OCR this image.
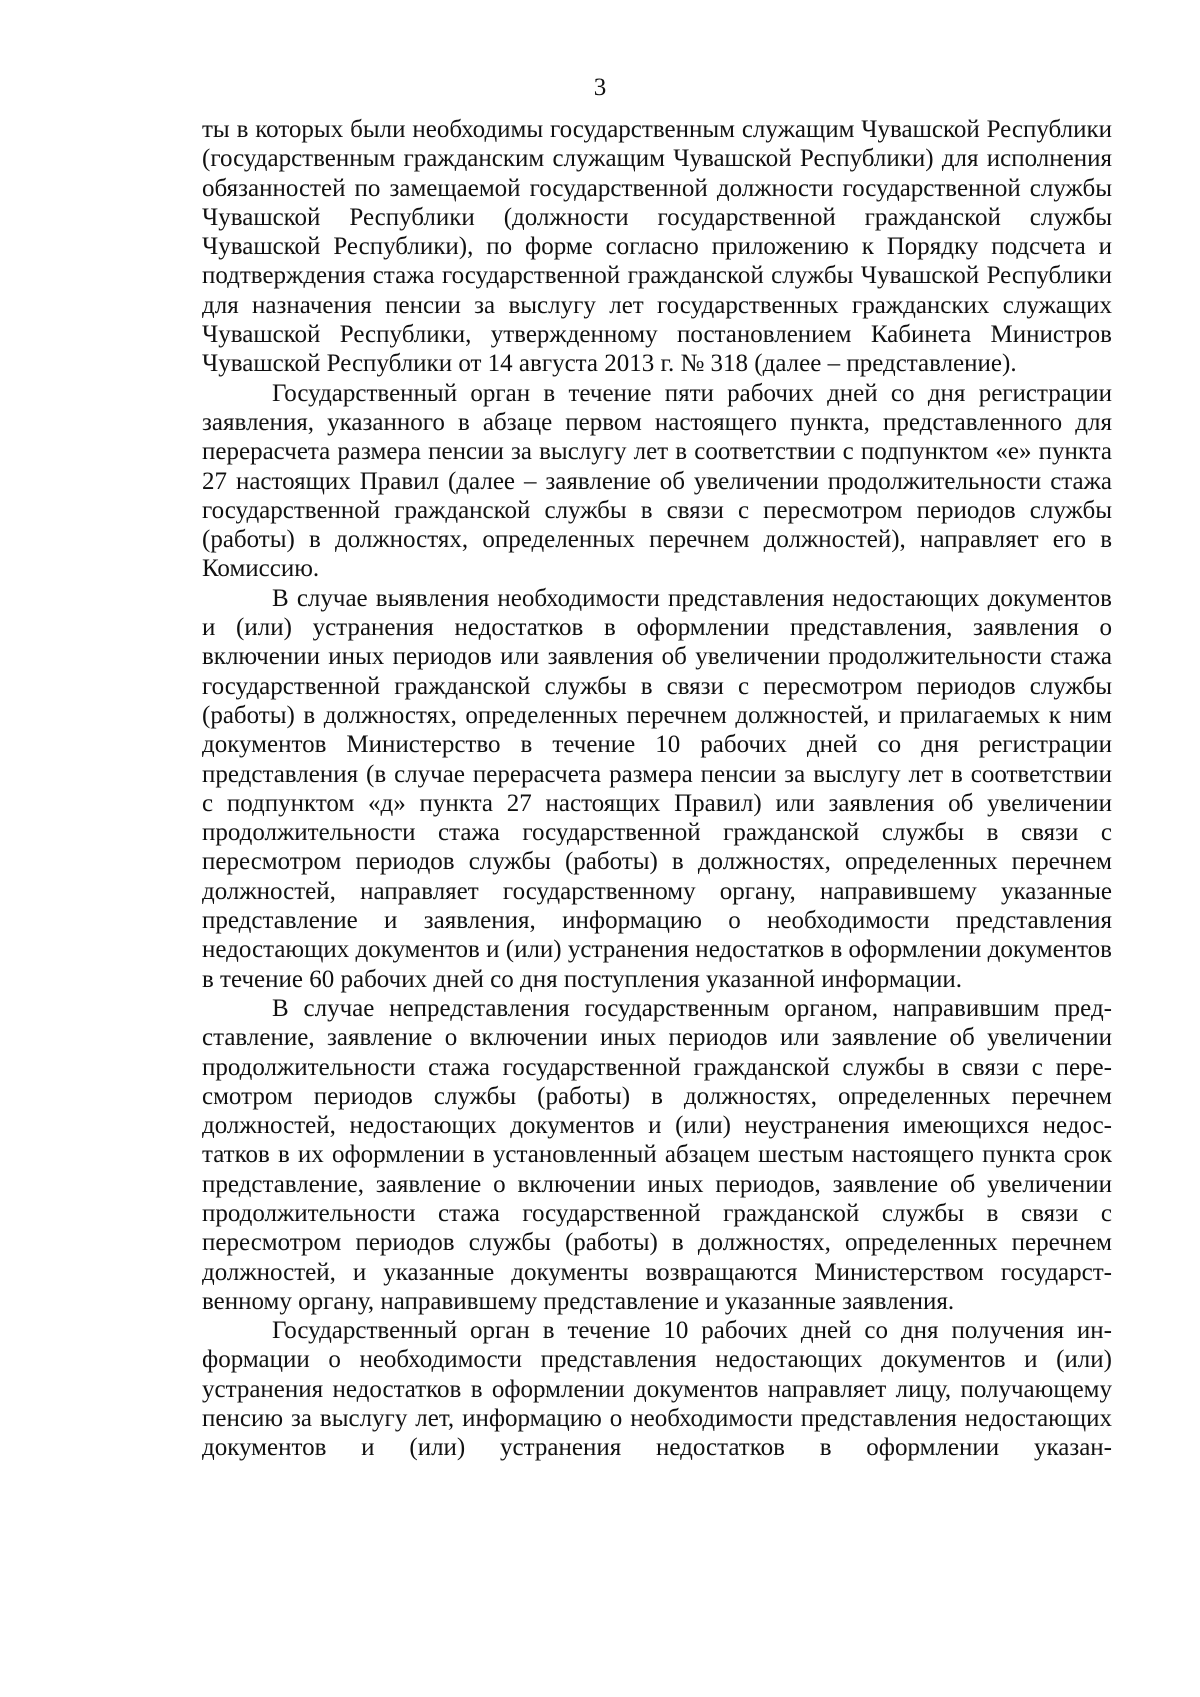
3

ты в которых были необходимы государственным служащим Чувашской Республики (государственным гражданским служащим Чувашской Республики) для исполнения обязанностей по замещаемой государственной должности государственной службы Чувашской Республики (должности государственной гражданской службы Чувашской Республики), по форме согласно приложению к Порядку подсчета и подтверждения стажа государственной гражданской службы Чувашской Республики для назначения пенсии за выслугу лет государственных гражданских служащих Чувашской Республики, утвержденному постановлением Кабинета Министров Чувашской Республики от 14 августа 2013 г. № 318 (далее – представление).

Государственный орган в течение пяти рабочих дней со дня регистрации заявления, указанного в абзаце первом настоящего пункта, представленного для перерасчета размера пенсии за выслугу лет в соответствии с подпунктом «е» пункта 27 настоящих Правил (далее – заявление об увеличении продолжительности стажа государственной гражданской службы в связи с пересмотром периодов службы (работы) в должностях, определенных перечнем должностей), направляет его в Комиссию.

В случае выявления необходимости представления недостающих документов и (или) устранения недостатков в оформлении представления, заявления о включении иных периодов или заявления об увеличении продолжительности стажа государственной гражданской службы в связи с пересмотром периодов службы (работы) в должностях, определенных перечнем должностей, и прилагаемых к ним документов Министерство в течение 10 рабочих дней со дня регистрации представления (в случае перерасчета размера пенсии за выслугу лет в соответствии с подпунктом «д» пункта 27 настоящих Правил) или заявления об увеличении продолжительности стажа государственной гражданской службы в связи с пересмотром периодов службы (работы) в должностях, определенных перечнем должностей, направляет государственному органу, направившему указанные представление и заявления, информацию о необходимости представления недостающих документов и (или) устранения недостатков в оформлении документов в течение 60 рабочих дней со дня поступления указанной информации.

В случае непредставления государственным органом, направившим представление, заявление о включении иных периодов или заявление об увеличении продолжительности стажа государственной гражданской службы в связи с пересмотром периодов службы (работы) в должностях, определенных перечнем должностей, недостающих документов и (или) неустранения имеющихся недостатков в их оформлении в установленный абзацем шестым настоящего пункта срок представление, заявление о включении иных периодов, заявление об увеличении продолжительности стажа государственной гражданской службы в связи с пересмотром периодов службы (работы) в должностях, определенных перечнем должностей, и указанные документы возвращаются Министерством государственному органу, направившему представление и указанные заявления.

Государственный орган в течение 10 рабочих дней со дня получения информации о необходимости представления недостающих документов и (или) устранения недостатков в оформлении документов направляет лицу, получающему пенсию за выслугу лет, информацию о необходимости представления недостающих документов и (или) устранения недостатков в оформлении указан-
